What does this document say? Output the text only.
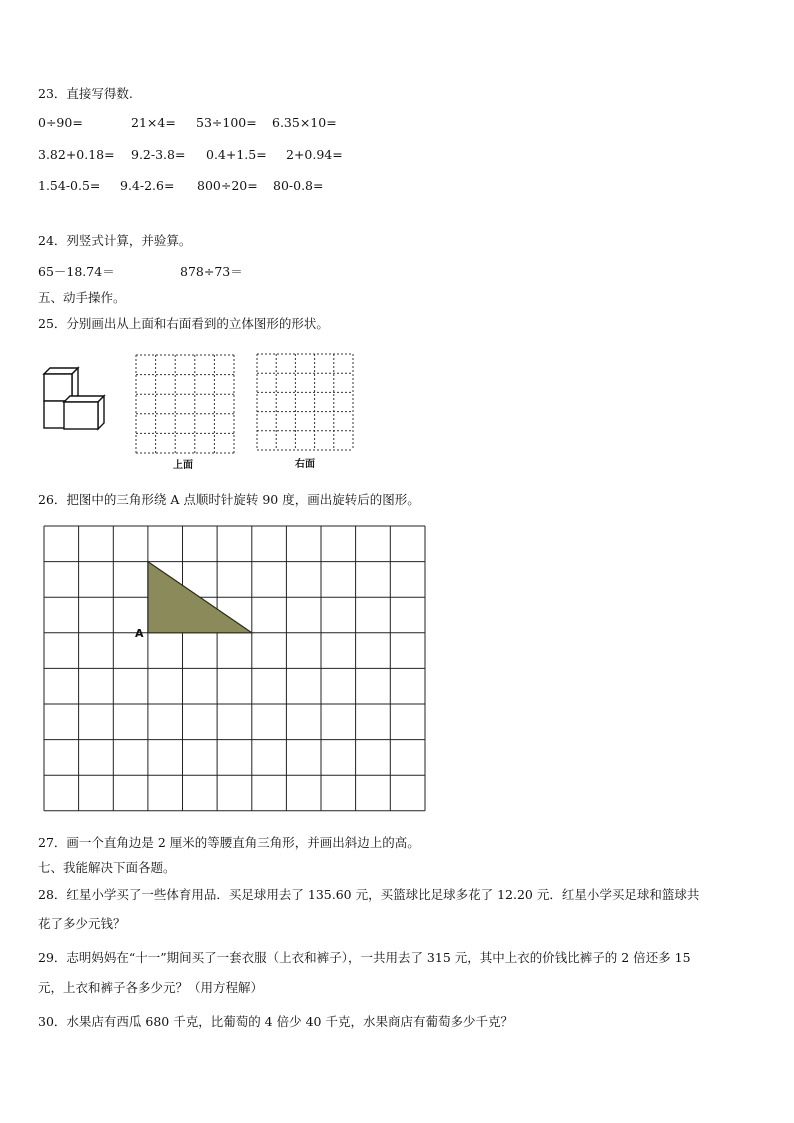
23．直接写得数.
0÷90=	21×4= 53÷100= 6.35×10=
3.82+0.18= 9.2-3.8= 0.4+1.5= 2+0.94=
1.54-0.5= 9.4-2.6= 800÷20= 80-0.8=
24．列竖式计算，并验算。
65－18.74＝	878÷73＝
五、动手操作。
25．分别画出从上面和右面看到的立体图形的形状。
上面	右面
26．把图中的三角形绕 A 点顺时针旋转 90 度，画出旋转后的图形。
A
27．画一个直角边是 2 厘米的等腰直角三角形，并画出斜边上的高。
七、我能解决下面各题。
28．红星小学买了一些体育用品．买足球用去了 135.60 元，买篮球比足球多花了 12.20 元．红星小学买足球和篮球共
花了多少元钱？
29．志明妈妈在“十一”期间买了一套衣服（上衣和裤子），一共用去了 315 元，其中上衣的价钱比裤子的 2 倍还多 15
元，上衣和裤子各多少元？（用方程解）
30．水果店有西瓜 680 千克，比葡萄的 4 倍少 40 千克，水果商店有葡萄多少千克？
